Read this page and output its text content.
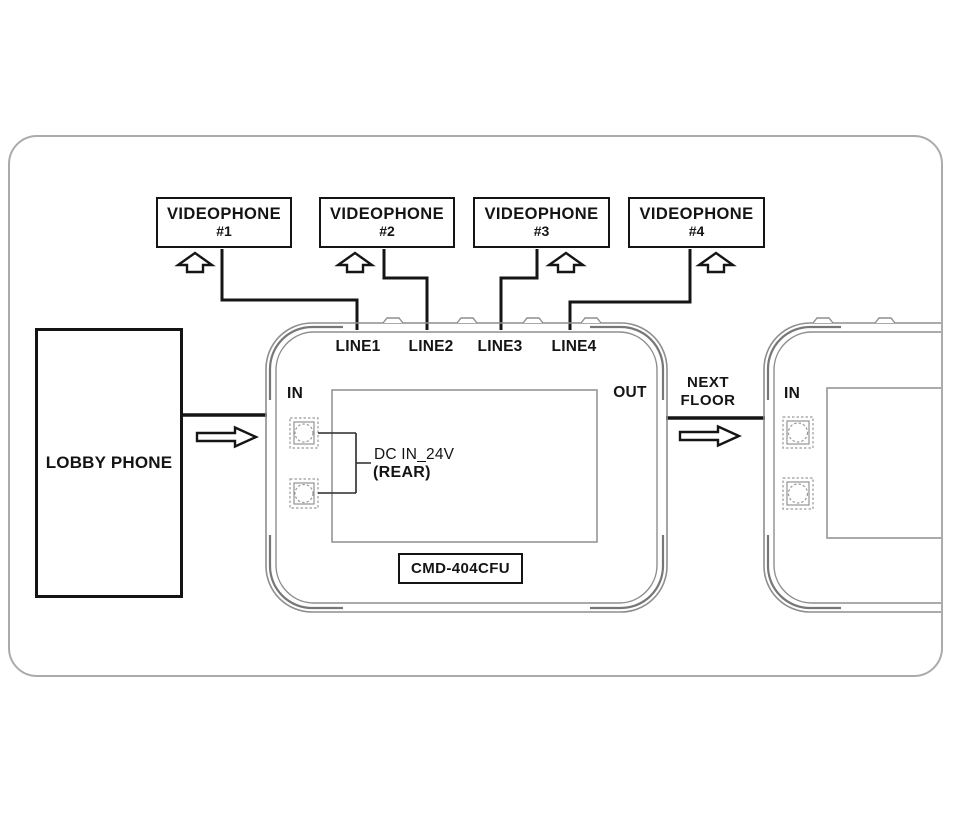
VIDEOPHONE
#1
VIDEOPHONE
#2
VIDEOPHONE
#3
VIDEOPHONE
#4
LOBBY PHONE
LINE1	LINE2	LINE3	LINE4
IN	OUT
DC IN_24V
(REAR)
CMD-404CFU
NEXT
FLOOR	IN
